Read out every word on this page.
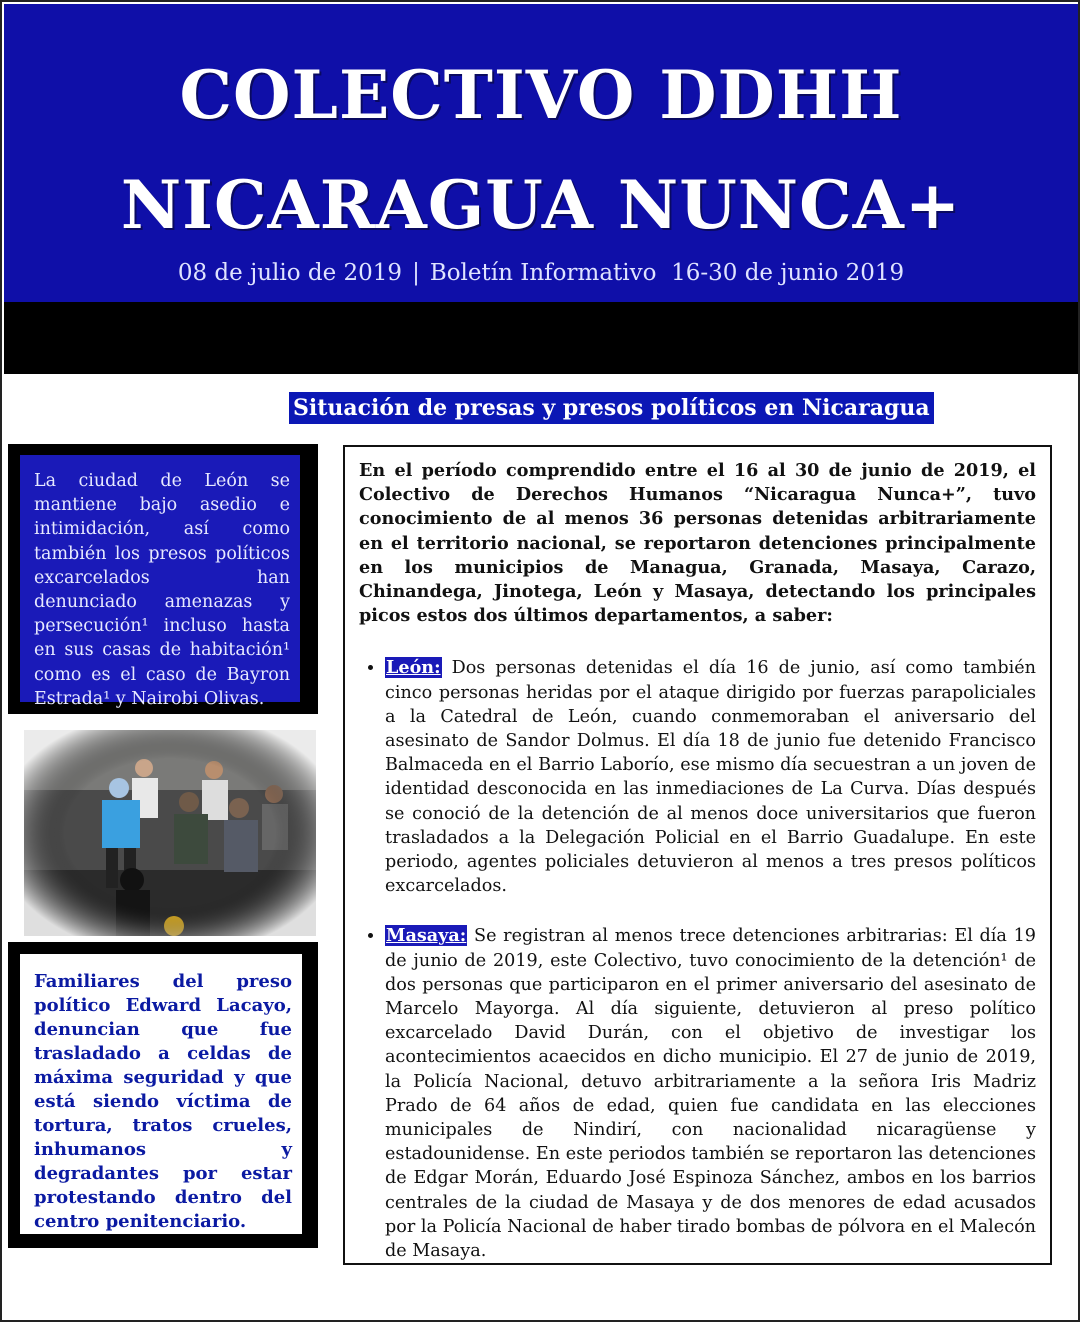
COLECTIVO DDHH
NICARAGUA NUNCA+
08 de julio de 2019 | Boletín Informativo  16-30 de junio 2019
Situación de presas y presos políticos en Nicaragua

La ciudad de León se mantiene bajo asedio e intimidación, así como también los presos políticos excarcelados han denunciado amenazas y persecución¹ incluso hasta en sus casas de habitación¹ como es el caso de Bayron Estrada¹ y Nairobi Olivas.

Familiares del preso político Edward Lacayo, denuncian que fue trasladado a celdas de máxima seguridad y que está siendo víctima de tortura, tratos crueles, inhumanos y degradantes por estar protestando dentro del centro penitenciario.

En el período comprendido entre el 16 al 30 de junio de 2019, el Colectivo de Derechos Humanos “Nicaragua Nunca+”, tuvo conocimiento de al menos 36 personas detenidas arbitrariamente en el territorio nacional, se reportaron detenciones principalmente en los municipios de Managua, Granada, Masaya, Carazo, Chinandega, Jinotega, León y Masaya, detectando los principales picos estos dos últimos departamentos, a saber:

• León: Dos personas detenidas el día 16 de junio, así como también cinco personas heridas por el ataque dirigido por fuerzas parapoliciales a la Catedral de León, cuando conmemoraban el aniversario del asesinato de Sandor Dolmus. El día 18 de junio fue detenido Francisco Balmaceda en el Barrio Laborío, ese mismo día secuestran a un joven de identidad desconocida en las inmediaciones de La Curva. Días después se conoció de la detención de al menos doce universitarios que fueron trasladados a la Delegación Policial en el Barrio Guadalupe. En este periodo, agentes policiales detuvieron al menos a tres presos políticos excarcelados.
• Masaya: Se registran al menos trece detenciones arbitrarias: El día 19 de junio de 2019, este Colectivo, tuvo conocimiento de la detención¹ de dos personas que participaron en el primer aniversario del asesinato de Marcelo Mayorga. Al día siguiente, detuvieron al preso político excarcelado David Durán, con el objetivo de investigar los acontecimientos acaecidos en dicho municipio. El 27 de junio de 2019, la Policía Nacional, detuvo arbitrariamente a la señora Iris Madriz Prado de 64 años de edad, quien fue candidata en las elecciones municipales de Nindirí, con nacionalidad nicaragüense y estadounidense. En este periodos también se reportaron las detenciones de Edgar Morán, Eduardo José Espinoza Sánchez, ambos en los barrios centrales de la ciudad de Masaya y de dos menores de edad acusados por la Policía Nacional de haber tirado bombas de pólvora en el Malecón de Masaya.
